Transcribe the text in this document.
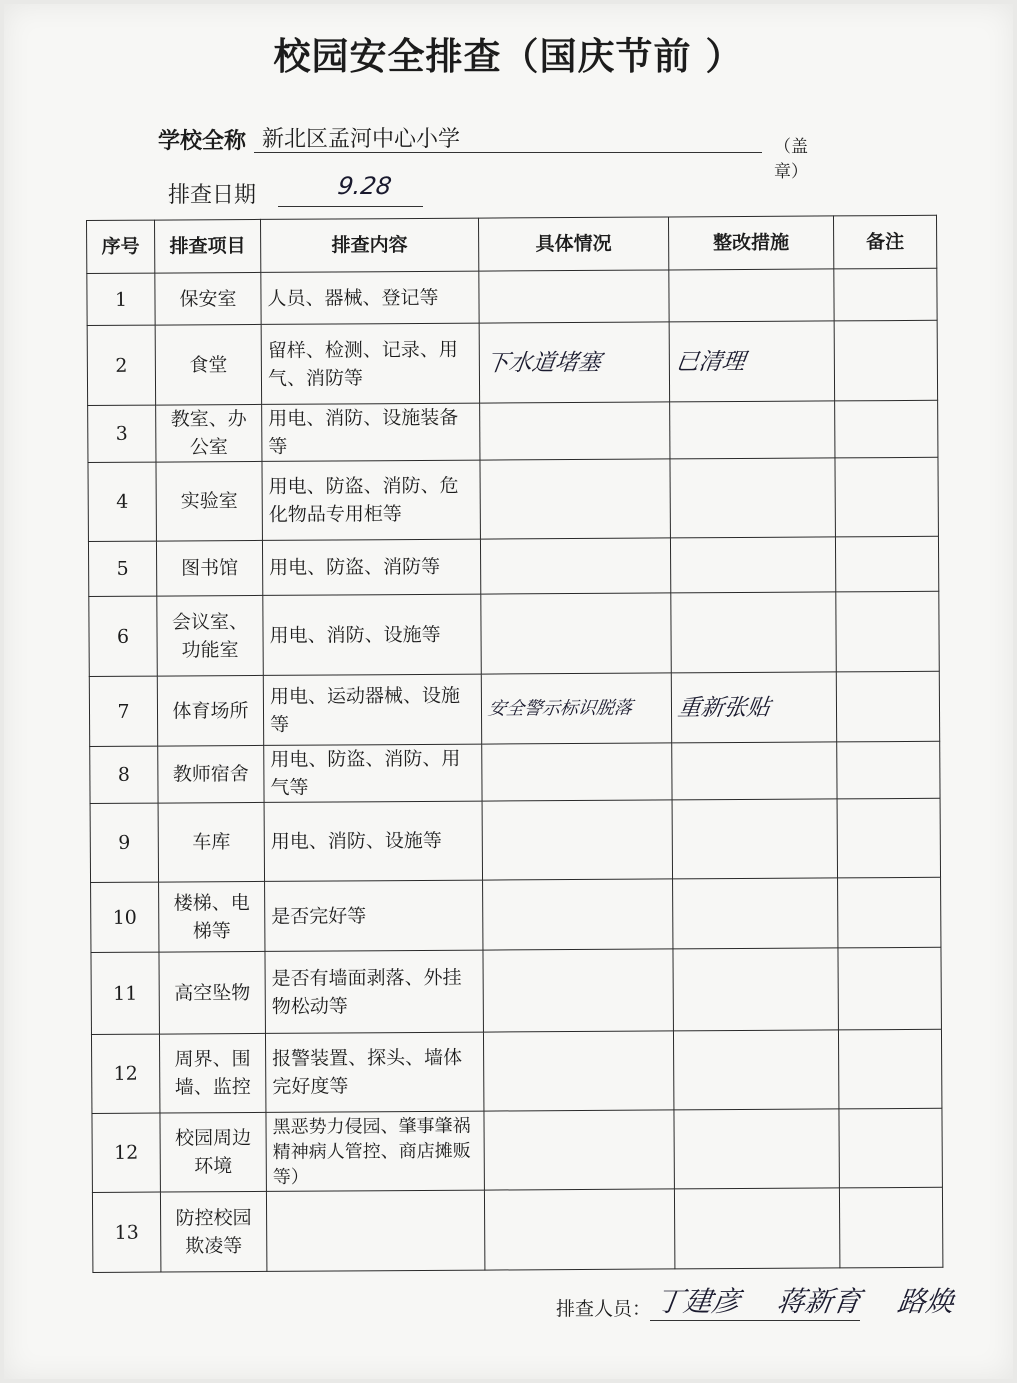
校园安全排查（国庆节前 ）
学校全称 新北区孟河中心小学	（盖章）
排查日期	9.28
序号	排查项目	排查内容	具体情况	整改措施	备注
1	保安室	人员、器械、登记等			
2	食堂	留样、检测、记录、用气、消防等	下水道堵塞	已清理	
3	教室、办公室	用电、消防、设施装备等			
4	实验室	用电、防盗、消防、危化物品专用柜等			
5	图书馆	用电、防盗、消防等			
6	会议室、功能室	用电、消防、设施等			
7	体育场所	用电、运动器械、设施等	安全警示标识脱落	重新张贴	
8	教师宿舍	用电、防盗、消防、用气等			
9	车库	用电、消防、设施等			
10	楼梯、电梯等	是否完好等			
11	高空坠物	是否有墙面剥落、外挂物松动等			
12	周界、围墙、监控	报警装置、探头、墙体完好度等			
12	校园周边环境	黑恶势力侵园、肇事肇祸精神病人管控、商店摊贩等）			
13	防控校园欺凌等				
排查人员： 丁建彦 蒋新育 路焕
